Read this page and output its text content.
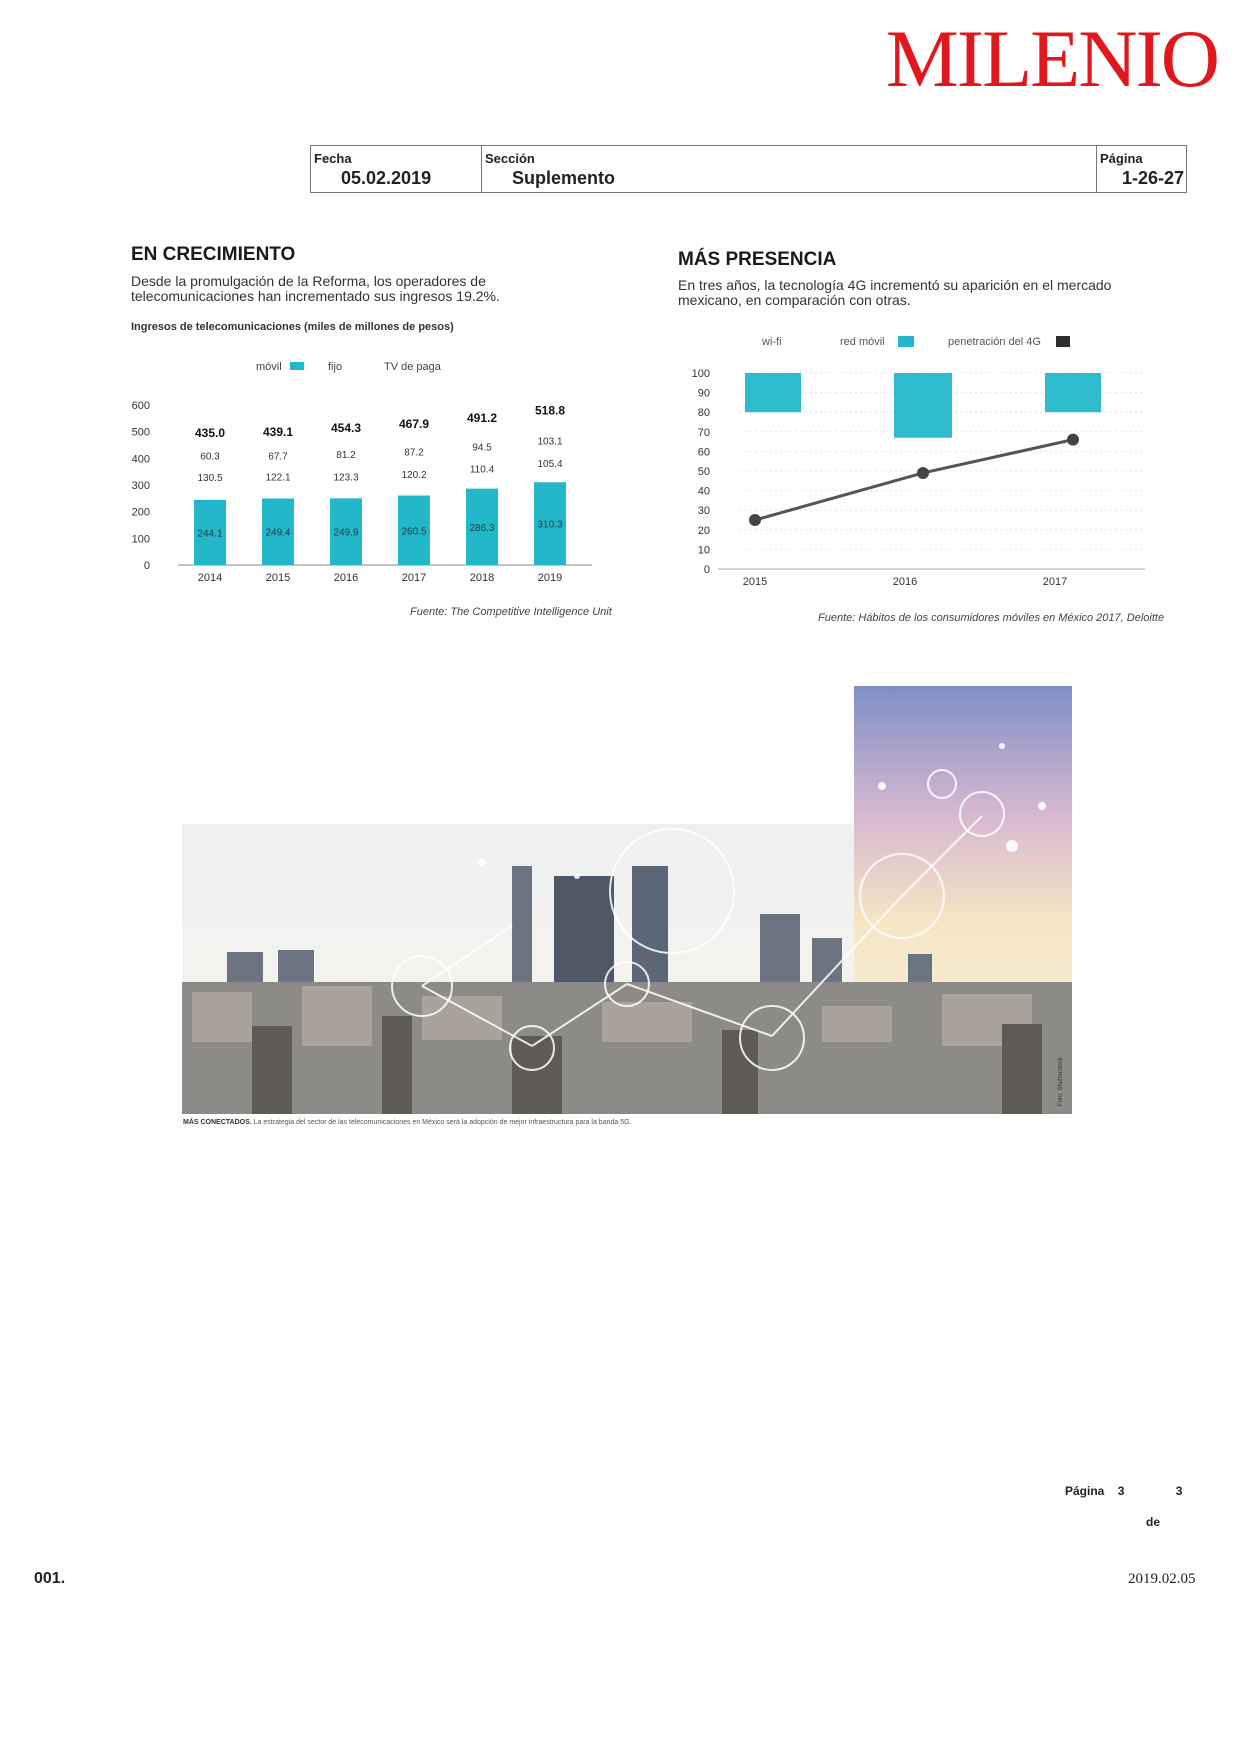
MILENIO
Fecha
05.02.2019
Sección
Suplemento
Página
1-26-27
EN CRECIMIENTO
Desde la promulgación de la Reforma, los operadores de
telecomunicaciones han incrementado sus ingresos 19.2%.
Ingresos de telecomunicaciones (miles de millones de pesos)
móvil	fijo	TV de paga
600
500
400
300
200
100
0
244.1
130.5
60.3
435.0
2014
249.4
122.1
67.7
439.1
2015
249.9
123.3
81.2
454.3
2016
260.5
120.2
87.2
467.9
2017
286.3
110.4
94.5
491.2
2018
310.3
105.4
103.1
518.8
2019
Fuente: The Competitive Intelligence Unit
MÁS PRESENCIA
En tres años, la tecnología 4G incrementó su aparición en el mercado
mexicano, en comparación con otras.
wi-fi	red móvil	penetración del 4G
100
90
80
70
60
50
40
30
20
10
0
2015	2016	2017
Fuente: Hábitos de los consumidores móviles en México 2017, Deloitte
Foto: Shutterstock
MÁS CONECTADOS. La estrategia del sector de las telecomunicaciones en México será la adopción de mejor infraestructura para la banda 5G.
Página 3	3
de
001.	2019.02.05
